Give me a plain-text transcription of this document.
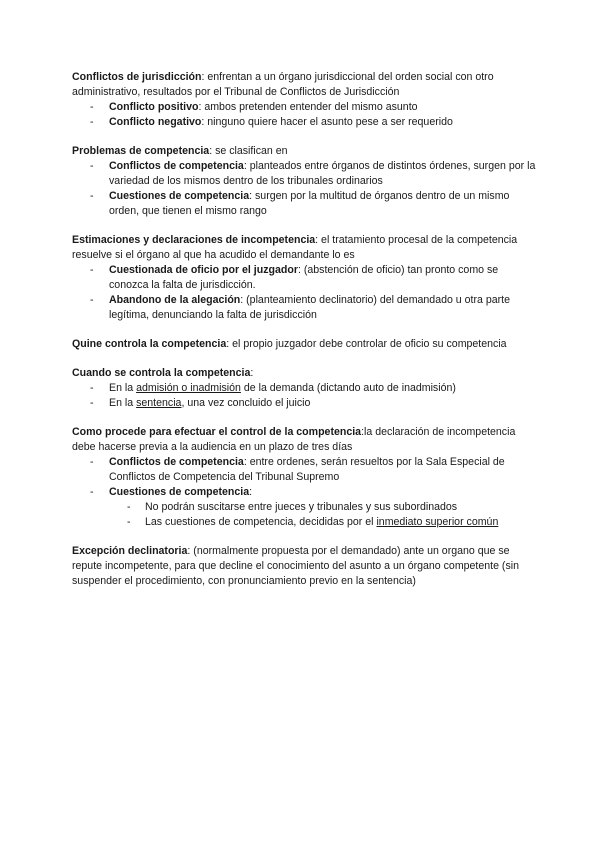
Conflictos de jurisdicción: enfrentan a un órgano jurisdiccional del orden social con otro administrativo, resultados por el Tribunal de Conflictos de Jurisdicción

- Conflicto positivo: ambos pretenden entender del mismo asunto
- Conflicto negativo: ninguno quiere hacer el asunto pese a ser requerido

Problemas de competencia: se clasifican en

- Conflictos de competencia: planteados entre órganos de distintos órdenes, surgen por la variedad de los mismos dentro de los tribunales ordinarios
- Cuestiones de competencia: surgen por la multitud de órganos dentro de un mismo orden, que tienen el mismo rango

Estimaciones y declaraciones de incompetencia: el tratamiento procesal de la competencia resuelve si el órgano al que ha acudido el demandante lo es

- Cuestionada de oficio por el juzgador: (abstención de oficio) tan pronto como se conozca la falta de jurisdicción.
- Abandono de la alegación: (planteamiento declinatorio) del demandado u otra parte legítima, denunciando la falta de jurisdicción

Quine controla la competencia: el propio juzgador debe controlar de oficio su competencia

Cuando se controla la competencia:

- En la admisión o inadmisión de la demanda (dictando auto de inadmisión)
- En la sentencia, una vez concluido el juicio

Como procede para efectuar el control de la competencia:la declaración de incompetencia debe hacerse previa a la audiencia en un plazo de tres días

- Conflictos de competencia: entre ordenes, serán resueltos por la Sala Especial de Conflictos de Competencia del Tribunal Supremo
- Cuestiones de competencia:
- No podrán suscitarse entre jueces y tribunales y sus subordinados
- Las cuestiones de competencia, decididas por el inmediato superior común

Excepción declinatoria: (normalmente propuesta por el demandado) ante un organo que se repute incompetente, para que decline el conocimiento del asunto a un órgano competente (sin suspender el procedimiento, con pronunciamiento previo en la sentencia)
